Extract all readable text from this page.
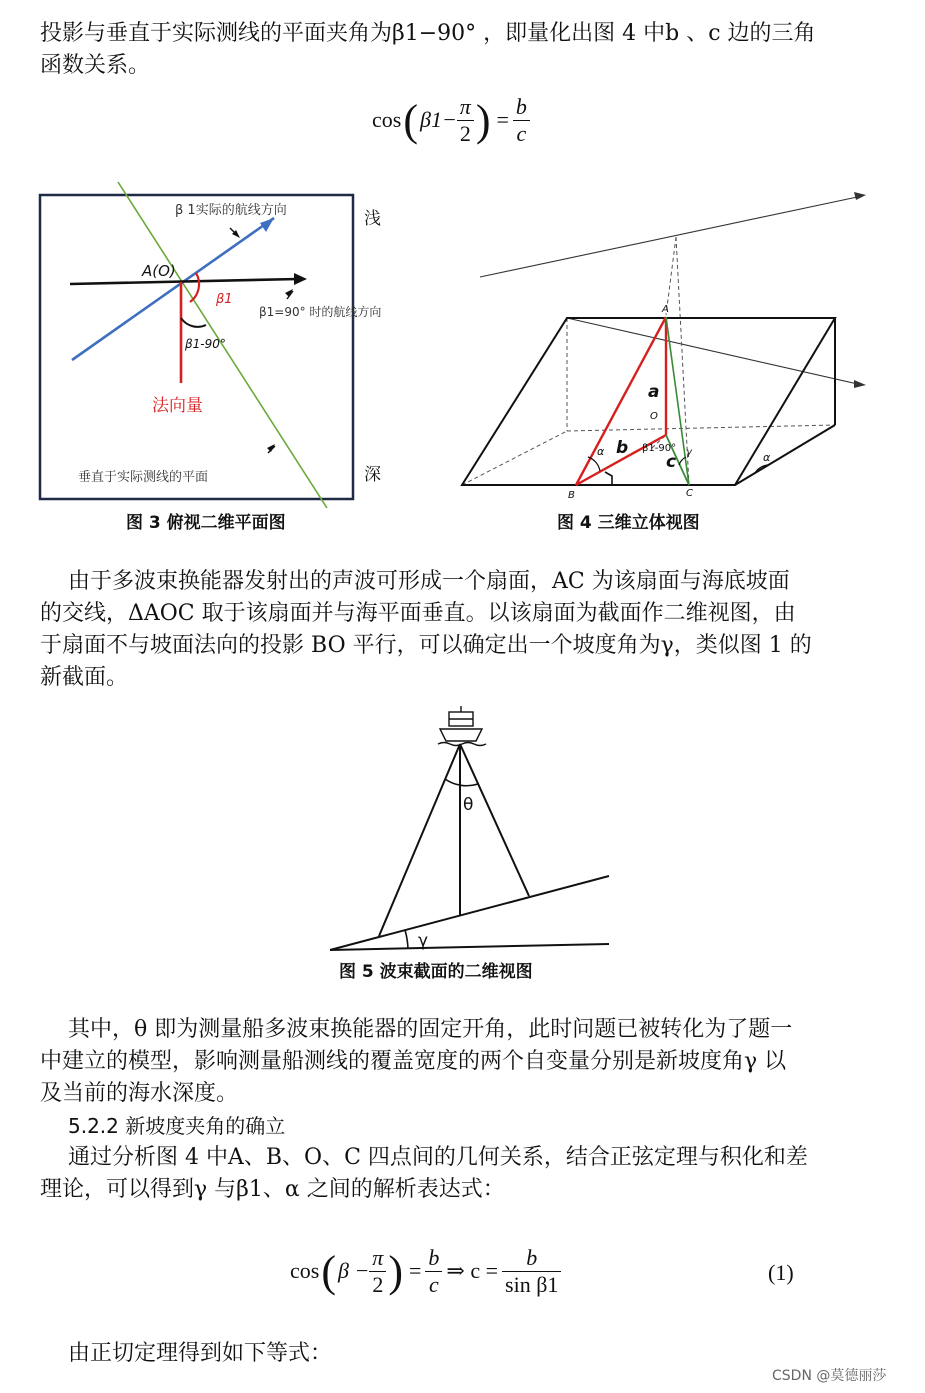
投影与垂直于实际测线的平面夹角为β1−90° ，即量化出图 4 中b 、c 边的三角
函数关系。
cos ( $\beta 1- \frac{\pi}{2}$ ) = $\frac{b}{c}$
β 1实际的航线方向
A(O)
β1
β1=90° 时的航线方向
β1-90°
法向量
垂直于实际测线的平面
浅
深
图 3 俯视二维平面图
A
O
B	C
a
b
c
α	γ
β1-90°
α
图 4 三维立体视图
由于多波束换能器发射出的声波可形成一个扇面，AC 为该扇面与海底坡面
的交线，ΔAOC 取于该扇面并与海平面垂直。以该扇面为截面作二维视图，由
于扇面不与坡面法向的投影 BO 平行，可以确定出一个坡度角为γ，类似图 1 的
新截面。
θ
γ
图 5 波束截面的二维视图
其中，θ 即为测量船多波束换能器的固定开角，此时问题已被转化为了题一
中建立的模型，影响测量船测线的覆盖宽度的两个自变量分别是新坡度角γ 以
及当前的海水深度。
5.2.2 新坡度夹角的确立
通过分析图 4 中A、B、O、C 四点间的几何关系，结合正弦定理与积化和差
理论，可以得到γ 与β1、α 之间的解析表达式：
cos ( $\beta - \frac{\pi}{2}$ ) = $\frac{b}{c}$ ⇒ $c = \frac{b}{\text{sin β1}}$	(1)
由正切定理得到如下等式：
CSDN @莫德丽莎
